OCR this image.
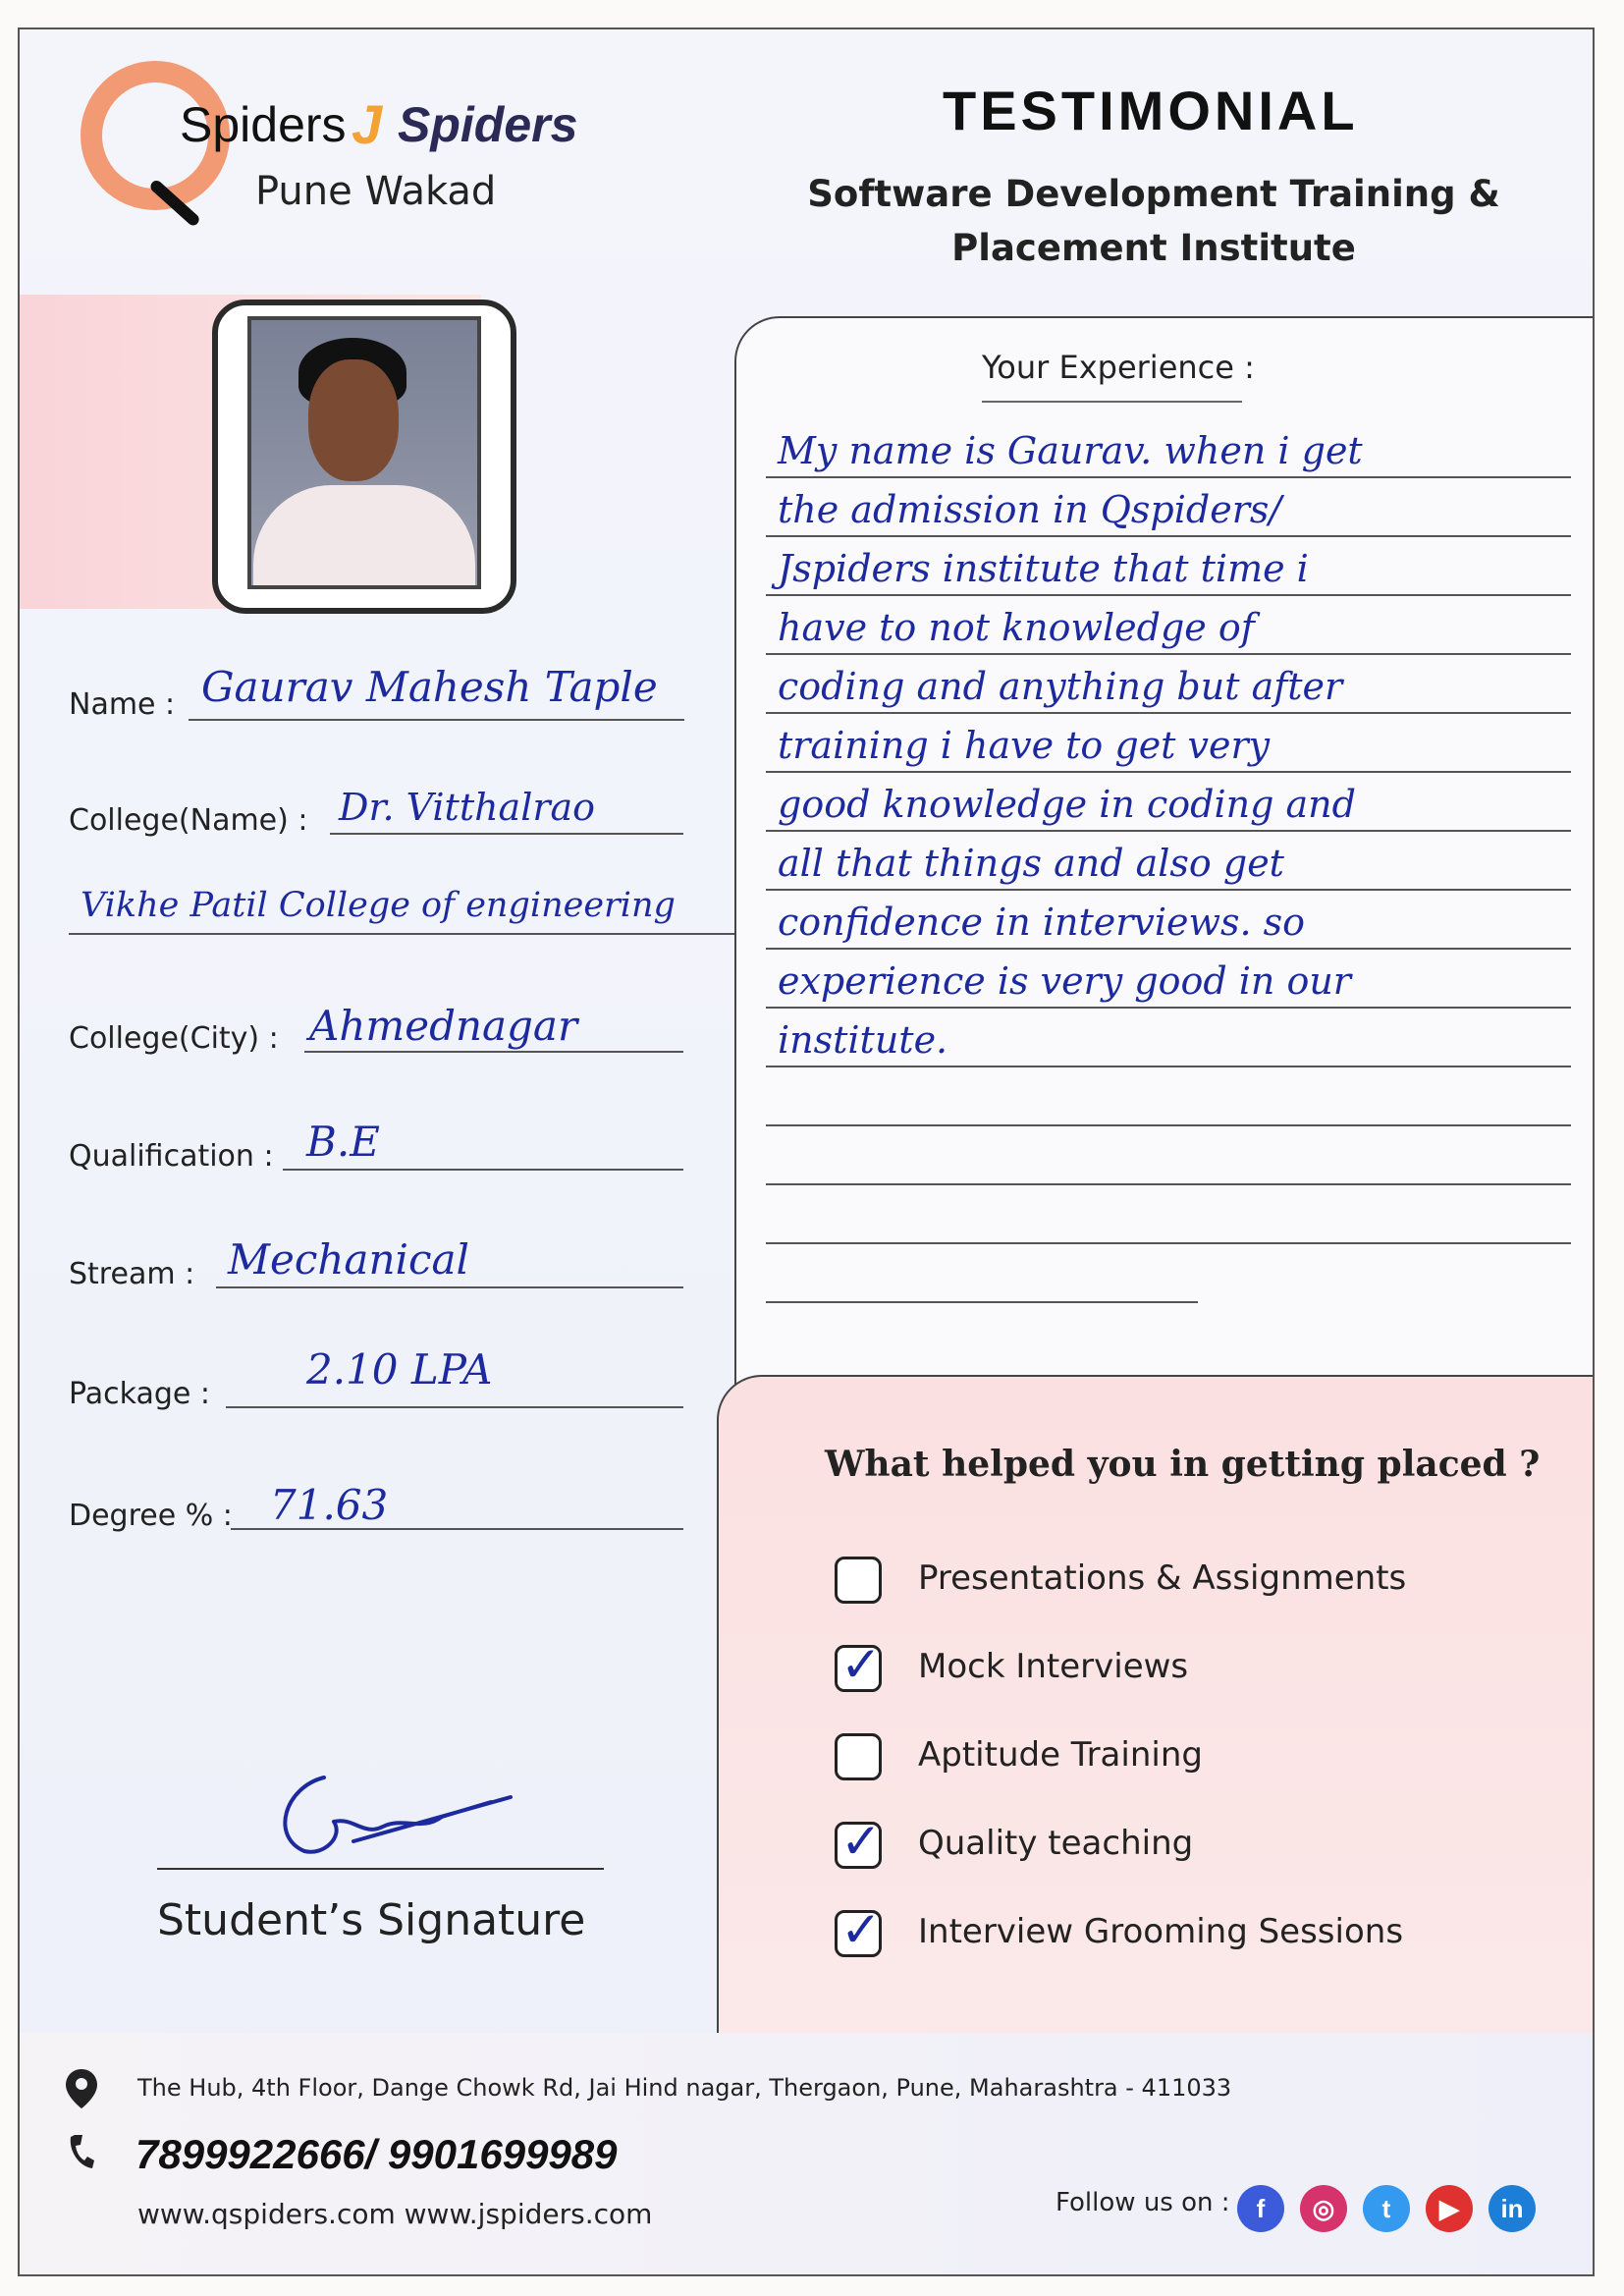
Spiders J Spiders
Pune Wakad
TESTIMONIAL
Software Development Training &
Placement Institute
Name : Gaurav Mahesh Taple
College(Name) : Dr. Vitthalrao
Vikhe Patil College of engineering
College(City) : Ahmednagar
Qualification : B.E
Stream : Mechanical
Package :
2.10 LPA
Degree % : 71.63
Your Experience :
My name is Gaurav. when i get
the admission in Qspiders/
Jspiders institute that time i
have to not knowledge of
coding and anything but after
training i have to get very
good knowledge in coding and
all that things and also get
confidence in interviews. so
experience is very good in our
institute.
What helped you in getting placed ?
Presentations & Assignments
✓ Mock Interviews
Aptitude Training
✓ Quality teaching
✓ Interview Grooming Sessions
Student’s Signature
The Hub, 4th Floor, Dange Chowk Rd, Jai Hind nagar, Thergaon, Pune, Maharashtra - 411033
7899922666/ 9901699989
www.qspiders.com www.jspiders.com	Follow us on :	f	◎	t	▶	in
